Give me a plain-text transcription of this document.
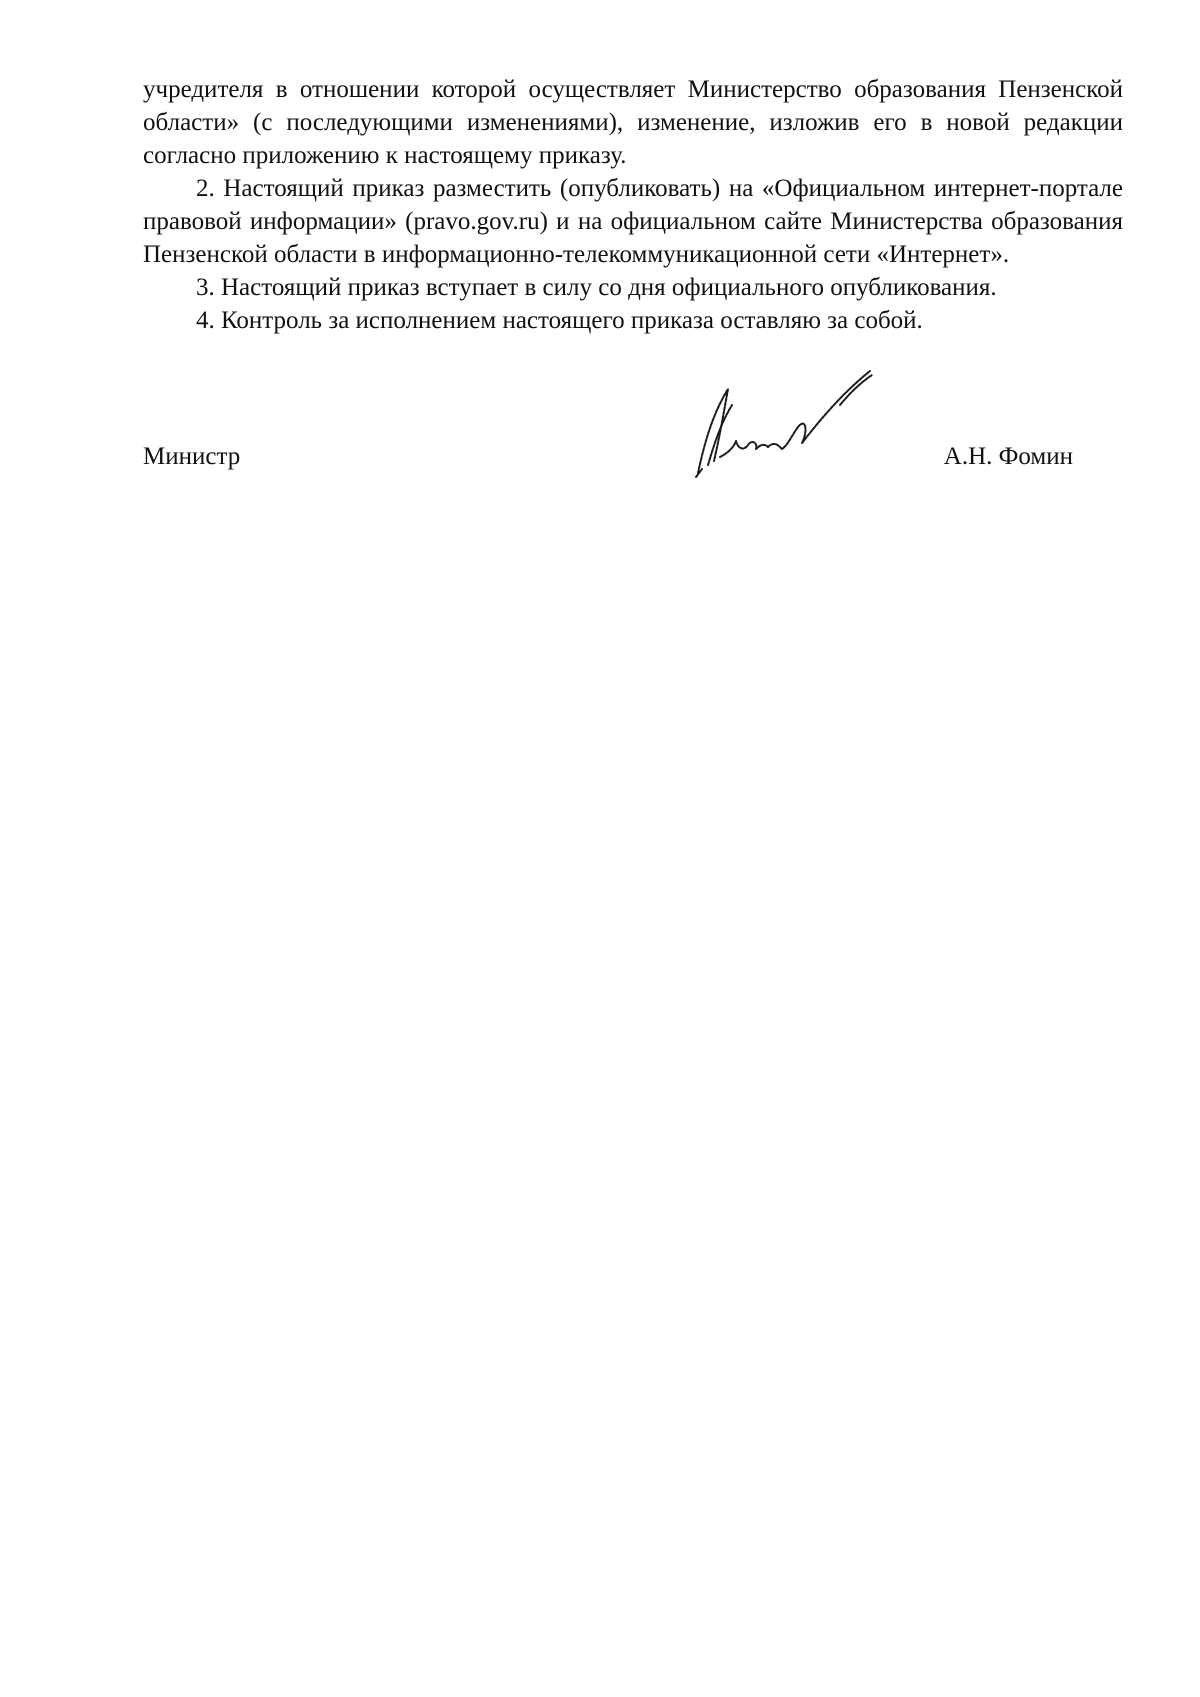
учредителя в отношении которой осуществляет Министерство образования Пензенской области» (с последующими изменениями), изменение, изложив его в новой редакции согласно приложению к настоящему приказу.

2. Настоящий приказ разместить (опубликовать) на «Официальном интернет-портале правовой информации» (pravo.gov.ru) и на официальном сайте Министерства образования Пензенской области в информационно-телекоммуникационной сети «Интернет».

3. Настоящий приказ вступает в силу со дня официального опубликования.

4. Контроль за исполнением настоящего приказа оставляю за собой.

Министр	А.Н. Фомин
